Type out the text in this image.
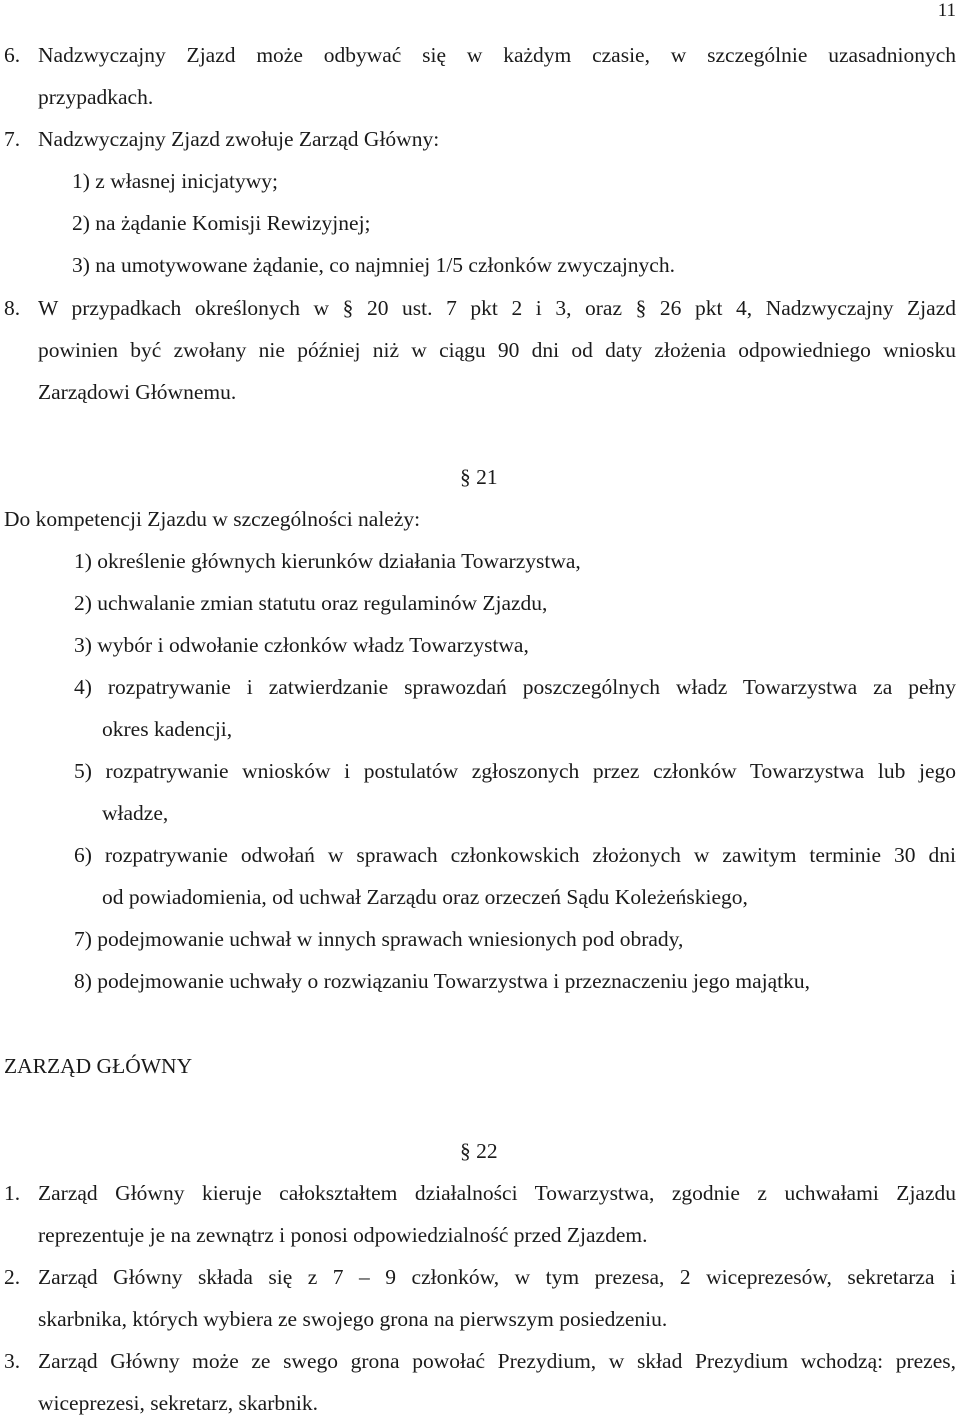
11
6. Nadzwyczajny Zjazd może odbywać się w każdym czasie, w szczególnie uzasadnionych
przypadkach.
7. Nadzwyczajny Zjazd zwołuje Zarząd Główny:
1) z własnej inicjatywy;
2) na żądanie Komisji Rewizyjnej;
3) na umotywowane żądanie, co najmniej 1/5 członków zwyczajnych.
8. W przypadkach określonych w § 20 ust. 7 pkt 2 i 3, oraz § 26 pkt 4, Nadzwyczajny Zjazd
powinien być zwołany nie później niż w ciągu 90 dni od daty złożenia odpowiedniego wniosku
Zarządowi Głównemu.
§ 21
Do kompetencji Zjazdu w szczególności należy:
1) określenie głównych kierunków działania Towarzystwa,
2) uchwalanie zmian statutu oraz regulaminów Zjazdu,
3) wybór i odwołanie członków władz Towarzystwa,
4) rozpatrywanie i zatwierdzanie sprawozdań poszczególnych władz Towarzystwa za pełny
okres kadencji,
5) rozpatrywanie wniosków i postulatów zgłoszonych przez członków Towarzystwa lub jego
władze,
6) rozpatrywanie odwołań w sprawach członkowskich złożonych w zawitym terminie 30 dni
od powiadomienia, od uchwał Zarządu oraz orzeczeń Sądu Koleżeńskiego,
7) podejmowanie uchwał w innych sprawach wniesionych pod obrady,
8) podejmowanie uchwały o rozwiązaniu Towarzystwa i przeznaczeniu jego majątku,
ZARZĄD GŁÓWNY
§ 22
1. Zarząd Główny kieruje całokształtem działalności Towarzystwa, zgodnie z uchwałami Zjazdu
reprezentuje je na zewnątrz i ponosi odpowiedzialność przed Zjazdem.
2. Zarząd Główny składa się z 7 – 9 członków, w tym prezesa, 2 wiceprezesów, sekretarza i
skarbnika, których wybiera ze swojego grona na pierwszym posiedzeniu.
3. Zarząd Główny może ze swego grona powołać Prezydium, w skład Prezydium wchodzą: prezes,
wiceprezesi, sekretarz, skarbnik.
